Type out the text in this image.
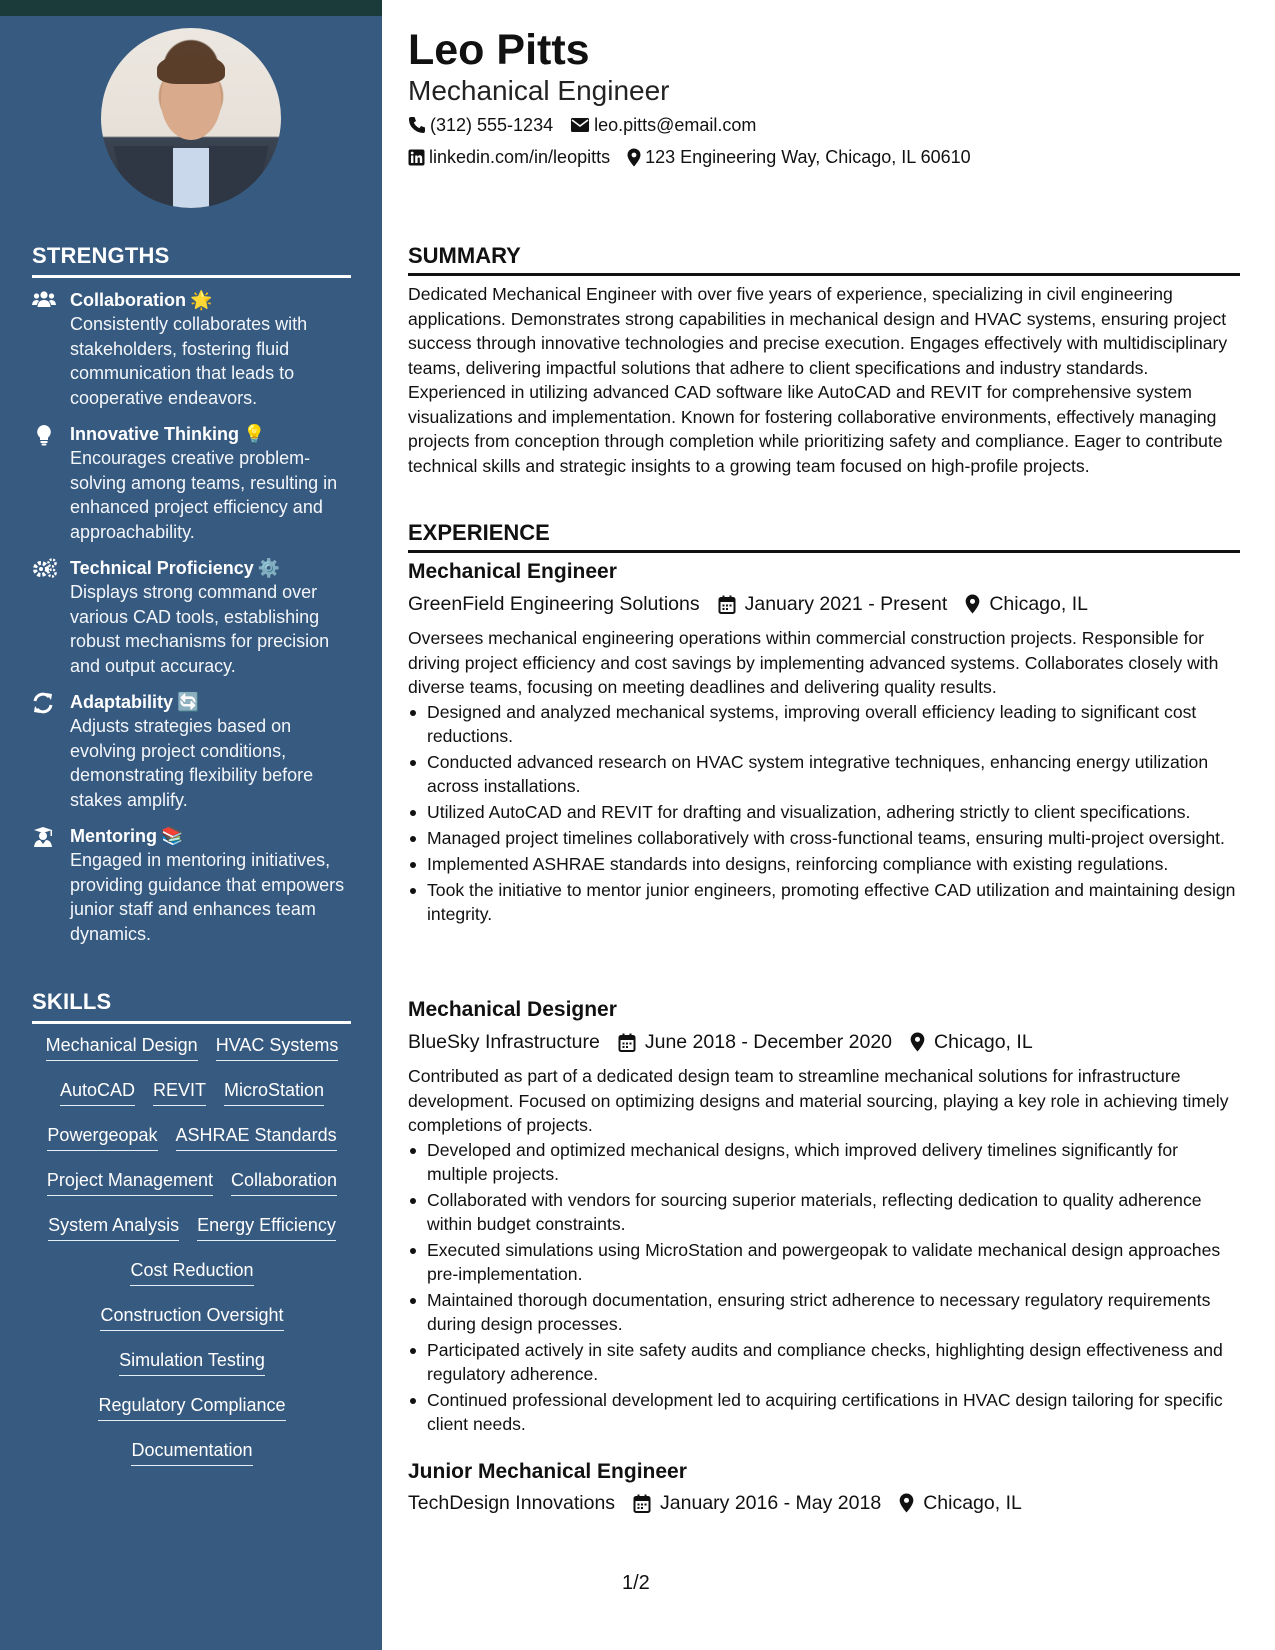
STRENGTHS
Collaboration 🌟
Consistently collaborates with stakeholders, fostering fluid communication that leads to cooperative endeavors.
Innovative Thinking 💡
Encourages creative problem-solving among teams, resulting in enhanced project efficiency and approachability.
Technical Proficiency ⚙️
Displays strong command over various CAD tools, establishing robust mechanisms for precision and output accuracy.
Adaptability 🔄
Adjusts strategies based on evolving project conditions, demonstrating flexibility before stakes amplify.
Mentoring 📚
Engaged in mentoring initiatives, providing guidance that empowers junior staff and enhances team dynamics.
SKILLS
Mechanical Design HVAC Systems
AutoCAD REVIT MicroStation
Powergeopak ASHRAE Standards
Project Management Collaboration
System Analysis Energy Efficiency
Cost Reduction
Construction Oversight
Simulation Testing
Regulatory Compliance
Documentation
Leo Pitts
Mechanical Engineer
(312) 555-1234 leo.pitts@email.com
linkedin.com/in/leopitts 123 Engineering Way, Chicago, IL 60610
SUMMARY
Dedicated Mechanical Engineer with over five years of experience, specializing in civil engineering applications. Demonstrates strong capabilities in mechanical design and HVAC systems, ensuring project success through innovative technologies and precise execution. Engages effectively with multidisciplinary teams, delivering impactful solutions that adhere to client specifications and industry standards. Experienced in utilizing advanced CAD software like AutoCAD and REVIT for comprehensive system visualizations and implementation. Known for fostering collaborative environments, effectively managing projects from conception through completion while prioritizing safety and compliance. Eager to contribute technical skills and strategic insights to a growing team focused on high-profile projects.
EXPERIENCE
Mechanical Engineer
GreenField Engineering Solutions January 2021 - Present Chicago, IL
Oversees mechanical engineering operations within commercial construction projects. Responsible for driving project efficiency and cost savings by implementing advanced systems. Collaborates closely with diverse teams, focusing on meeting deadlines and delivering quality results.
Designed and analyzed mechanical systems, improving overall efficiency leading to significant cost reductions.
Conducted advanced research on HVAC system integrative techniques, enhancing energy utilization across installations.
Utilized AutoCAD and REVIT for drafting and visualization, adhering strictly to client specifications.
Managed project timelines collaboratively with cross-functional teams, ensuring multi-project oversight.
Implemented ASHRAE standards into designs, reinforcing compliance with existing regulations.
Took the initiative to mentor junior engineers, promoting effective CAD utilization and maintaining design integrity.
Mechanical Designer
BlueSky Infrastructure June 2018 - December 2020 Chicago, IL
Contributed as part of a dedicated design team to streamline mechanical solutions for infrastructure development. Focused on optimizing designs and material sourcing, playing a key role in achieving timely completions of projects.
Developed and optimized mechanical designs, which improved delivery timelines significantly for multiple projects.
Collaborated with vendors for sourcing superior materials, reflecting dedication to quality adherence within budget constraints.
Executed simulations using MicroStation and powergeopak to validate mechanical design approaches pre-implementation.
Maintained thorough documentation, ensuring strict adherence to necessary regulatory requirements during design processes.
Participated actively in site safety audits and compliance checks, highlighting design effectiveness and regulatory adherence.
Continued professional development led to acquiring certifications in HVAC design tailoring for specific client needs.
Junior Mechanical Engineer
TechDesign Innovations January 2016 - May 2018 Chicago, IL
1/2
